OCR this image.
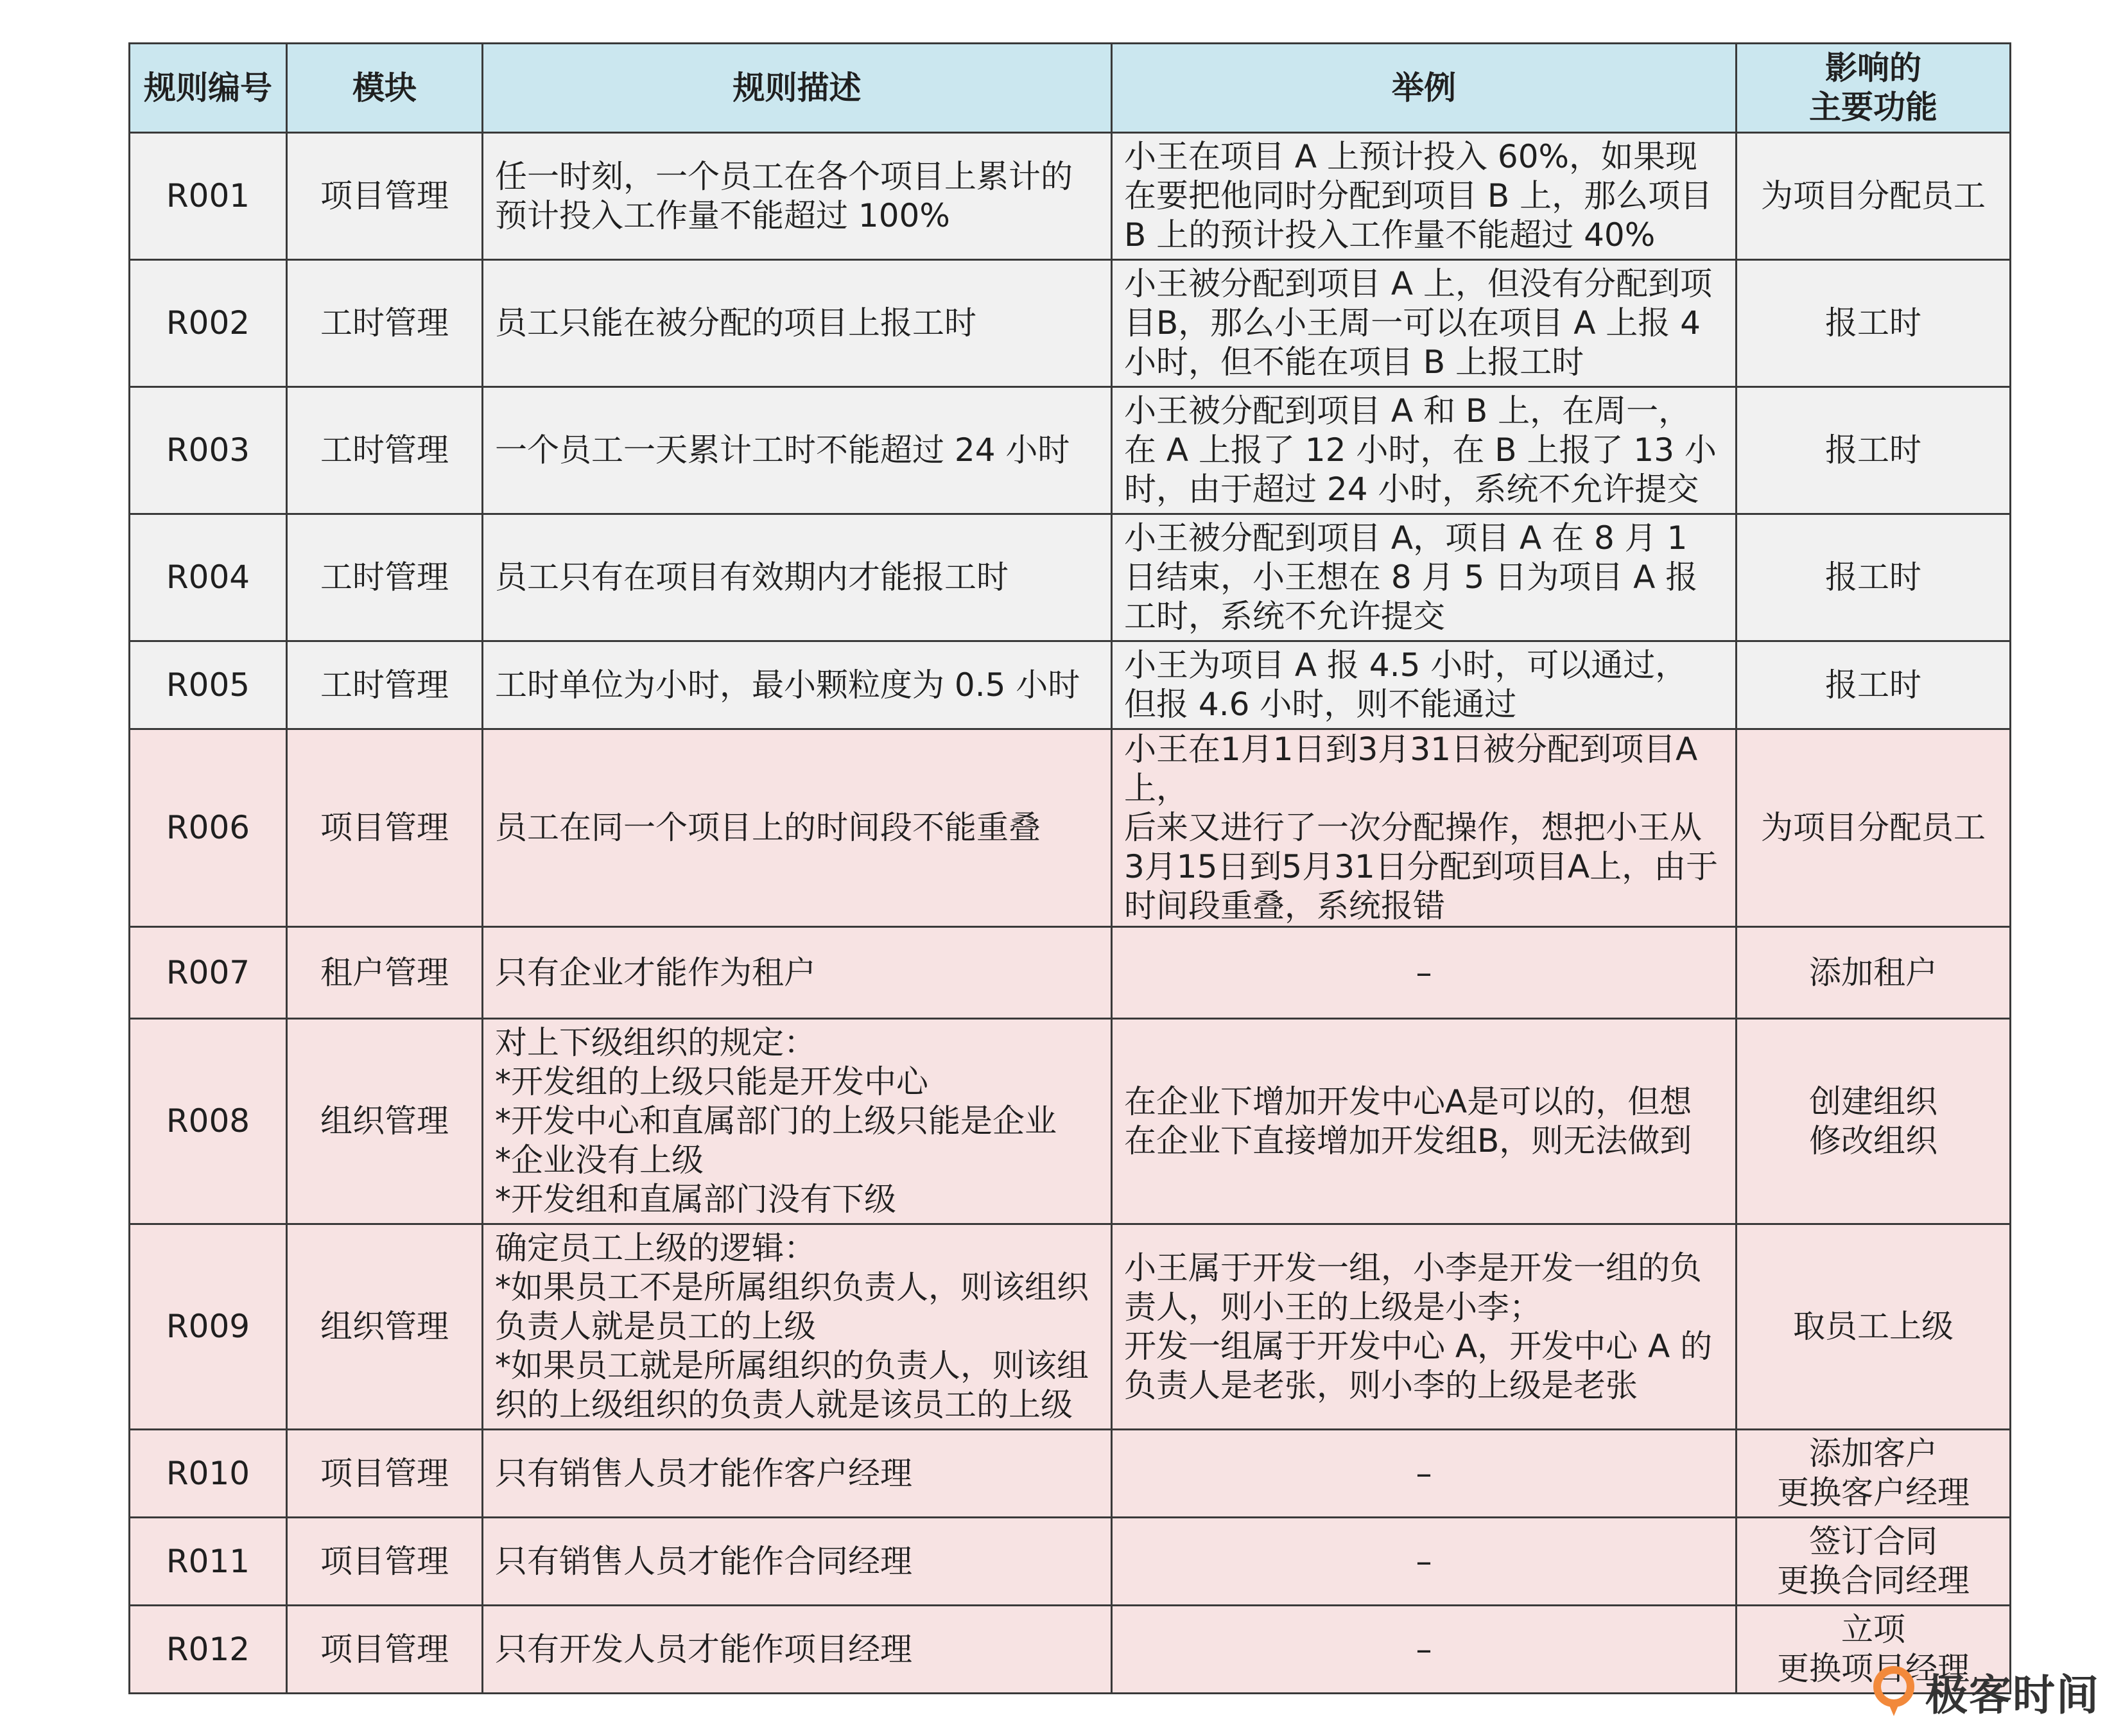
规则编号	模块	规则描述	举例	影响的
主要功能
R001	项目管理	任一时刻，一个员工在各个项目上累计的
预计投入工作量不能超过 100%	小王在项目 A 上预计投入 60%，如果现
在要把他同时分配到项目 B 上，那么项目
B 上的预计投入工作量不能超过 40%	为项目分配员工
R002	工时管理	员工只能在被分配的项目上报工时	小王被分配到项目 A 上，但没有分配到项
目B，那么小王周一可以在项目 A 上报 4
小时，但不能在项目 B 上报工时	报工时
R003	工时管理	一个员工一天累计工时不能超过 24 小时	小王被分配到项目 A 和 B 上，在周一，
在 A 上报了 12 小时，在 B 上报了 13 小
时，由于超过 24 小时，系统不允许提交	报工时
R004	工时管理	员工只有在项目有效期内才能报工时	小王被分配到项目 A，项目 A 在 8 月 1
日结束，小王想在 8 月 5 日为项目 A 报
工时，系统不允许提交	报工时
R005	工时管理	工时单位为小时，最小颗粒度为 0.5 小时	小王为项目 A 报 4.5 小时，可以通过，
但报 4.6 小时，则不能通过	报工时
R006	项目管理	员工在同一个项目上的时间段不能重叠	小王在1月1日到3月31日被分配到项目A上，
后来又进行了一次分配操作，想把小王从
3月15日到5月31日分配到项目A上，由于
时间段重叠，系统报错	为项目分配员工
R007	租户管理	只有企业才能作为租户	–	添加租户
R008	组织管理	对上下级组织的规定：
*开发组的上级只能是开发中心
*开发中心和直属部门的上级只能是企业
*企业没有上级
*开发组和直属部门没有下级	在企业下增加开发中心A是可以的，但想
在企业下直接增加开发组B，则无法做到	创建组织
修改组织
R009	组织管理	确定员工上级的逻辑：
*如果员工不是所属组织负责人，则该组织
负责人就是员工的上级
*如果员工就是所属组织的负责人，则该组
织的上级组织的负责人就是该员工的上级	小王属于开发一组，小李是开发一组的负
责人，则小王的上级是小李；
开发一组属于开发中心 A，开发中心 A 的
负责人是老张，则小李的上级是老张	取员工上级
R010	项目管理	只有销售人员才能作客户经理	–	添加客户
更换客户经理
R011	项目管理	只有销售人员才能作合同经理	–	签订合同
更换合同经理
R012	项目管理	只有开发人员才能作项目经理	–	立项
更换项目经理
极客时间
